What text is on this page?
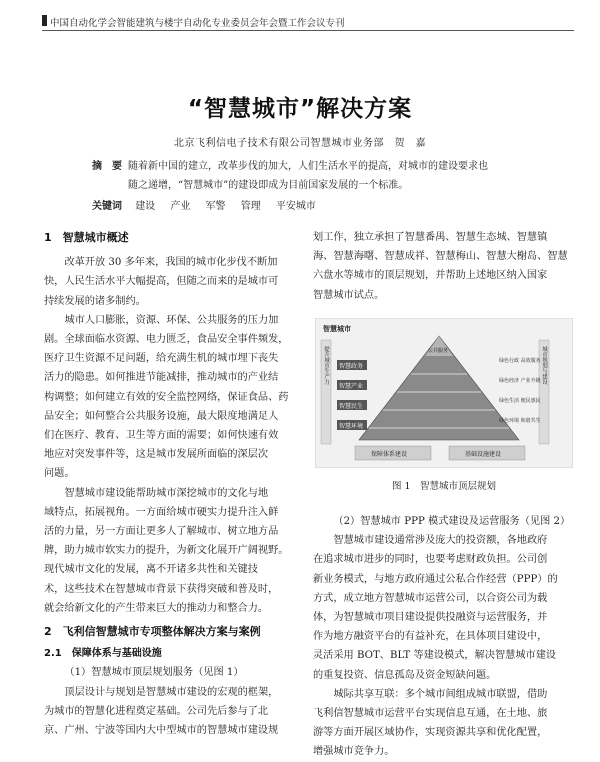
中国自动化学会智能建筑与楼宇自动化专业委员会年会暨工作会议专刊
“智慧城市”解决方案
北京飞利信电子技术有限公司智慧城市业务部　贺　嘉
摘　要 随着新中国的建立，改革步伐的加大，人们生活水平的提高，对城市的建设要求也
随之递增，“智慧城市”的建设即成为目前国家发展的一个标准。
关键词 建设 产业 军警 管理 平安城市
1　智慧城市概述
改革开放 30 多年来，我国的城市化步伐不断加
快，人民生活水平大幅提高，但随之而来的是城市可
持续发展的诸多制约。
城市人口膨胀，资源、环保、公共服务的压力加
剧。全球面临水资源、电力匮乏，食品安全事件频发，
医疗卫生资源不足问题，给充满生机的城市埋下丧失
活力的隐患。如何推进节能减排，推动城市的产业结
构调整；如何建立有效的安全监控网络，保证食品、药
品安全；如何整合公共服务设施，最大限度地满足人
们在医疗、教育、卫生等方面的需要；如何快速有效
地应对突发事件等，这是城市发展所面临的深层次
问题。
智慧城市建设能帮助城市深挖城市的文化与地
域特点，拓展视角。一方面给城市硬实力提升注入鲜
活的力量，另一方面让更多人了解城市、树立地方品
牌，助力城市软实力的提升，为新文化展开广阔视野。
现代城市文化的发展，离不开诸多共性和关键技
术，这些技术在智慧城市背景下获得突破和普及时，
就会给新文化的产生带来巨大的推动力和整合力。
2　飞利信智慧城市专项整体解决方案与案例
2.1　保障体系与基础设施
（1）智慧城市顶层规划服务（见图 1）
顶层设计与规划是智慧城市建设的宏观的框架，
为城市的智慧化进程奠定基础。公司先后参与了北
京、广州、宁波等国内大中型城市的智慧城市建设规
划工作，独立承担了智慧番禺、智慧生态城、智慧镇
海、智慧海曙、智慧成祥、智慧梅山、智慧大榭岛、智慧
六盘水等城市的顶层规划，并帮助上述地区纳入国家
智慧城市试点。
智慧城市
智慧政务
智慧产业
智慧民生
智慧环境
公共服务
绿色行政 高效服务
绿色经济 产业升级
绿色生活 便民惠民
绿色环境 和谐共生
提升城市生产力	城市规划与建设
保障体系建设	基础设施建设
图 1　智慧城市顶层规划
（2）智慧城市 PPP 模式建设及运营服务（见图 2）
智慧城市建设通常涉及庞大的投资额，各地政府
在追求城市进步的同时，也要考虑财政负担。公司创
新业务模式，与地方政府通过公私合作经营（PPP）的
方式，成立地方智慧城市运营公司，以合资公司为载
体，为智慧城市项目建设提供投融资与运营服务，并
作为地方融资平台的有益补充，在具体项目建设中，
灵活采用 BOT、BLT 等建设模式，解决智慧城市建设
的重复投资、信息孤岛及资金短缺问题。
城际共享互联：多个城市间组成城市联盟，借助
飞利信智慧城市运营平台实现信息互通，在土地、旅
游等方面开展区域协作，实现资源共享和优化配置，
增强城市竞争力。
